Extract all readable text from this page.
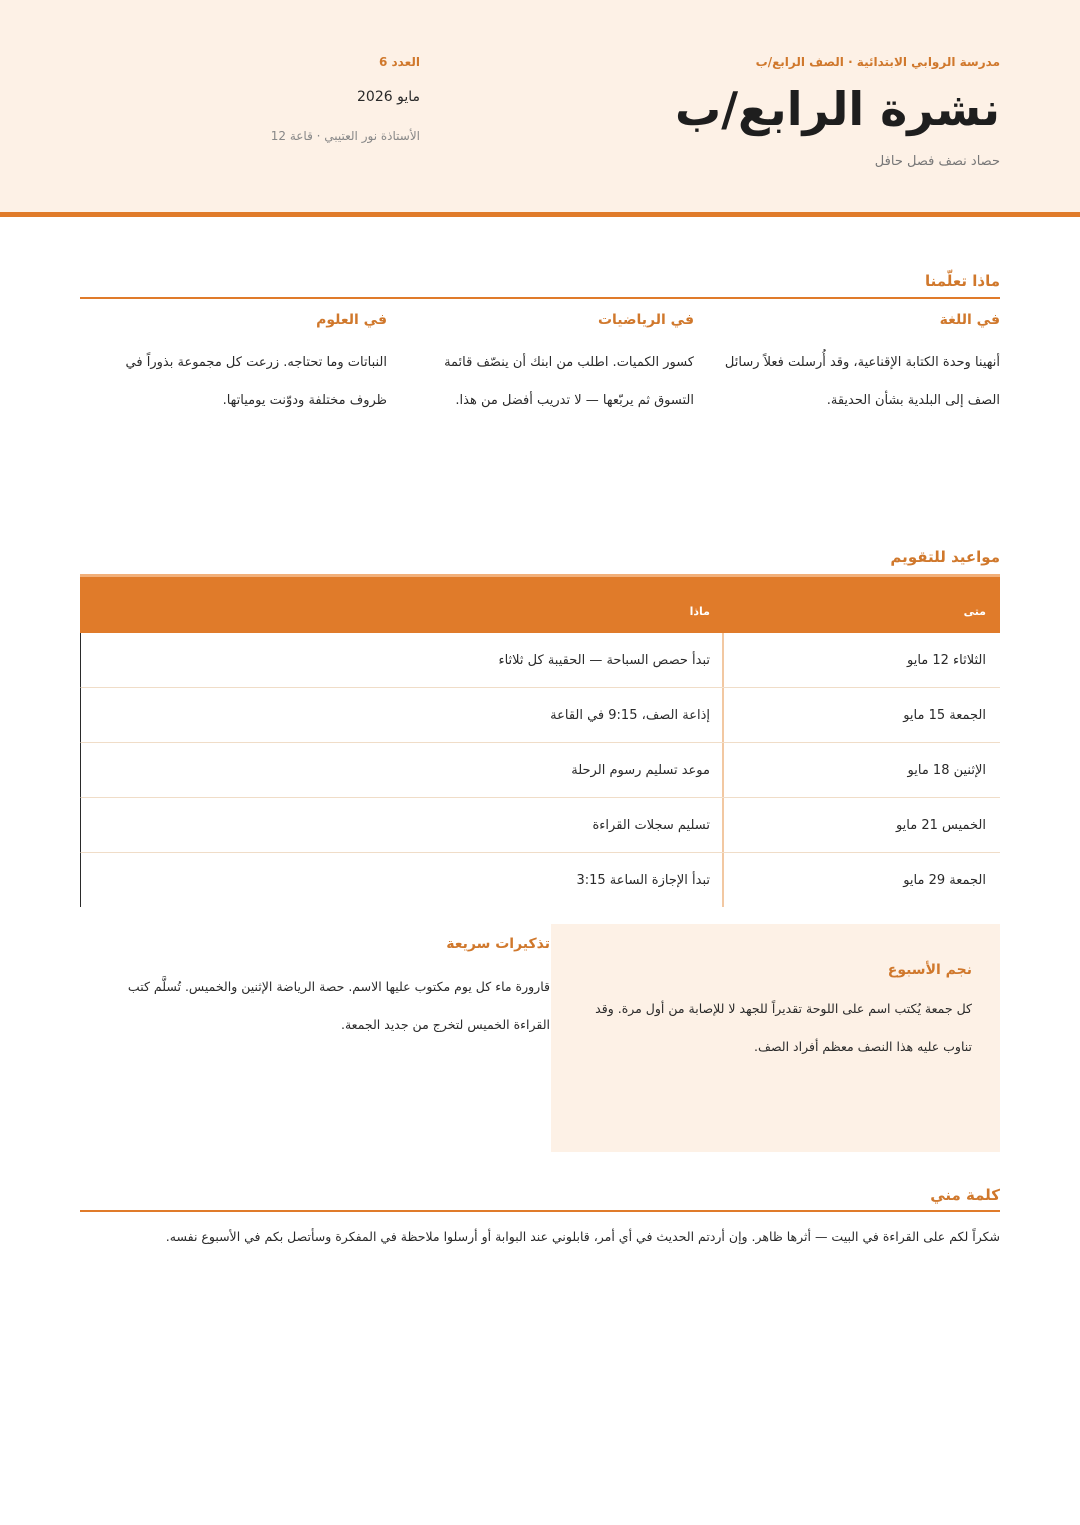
مدرسة الروابي الابتدائية · الصف الرابع/ب
نشرة الرابع/ب
حصاد نصف فصل حافل
العدد 6
مايو 2026
الأستاذة نور العتيبي · قاعة 12
ماذا تعلّمنا
في اللغة

أنهينا وحدة الكتابة الإقناعية، وقد أُرسلت فعلاً رسائل الصف إلى البلدية بشأن الحديقة.

في الرياضيات

كسور الكميات. اطلب من ابنك أن ينصّف قائمة التسوق ثم يربّعها — لا تدريب أفضل من هذا.

في العلوم

النباتات وما تحتاجه. زرعت كل مجموعة بذوراً في ظروف مختلفة ودوّنت يومياتها.

مواعيد للتقويم
متى
ماذا
الثلاثاء 12 مايو
تبدأ حصص السباحة — الحقيبة كل ثلاثاء
الجمعة 15 مايو
إذاعة الصف، 9:15 في القاعة
الإثنين 18 مايو
موعد تسليم رسوم الرحلة
الخميس 21 مايو
تسليم سجلات القراءة
الجمعة 29 مايو
تبدأ الإجازة الساعة 3:15
نجم الأسبوع

كل جمعة يُكتب اسم على اللوحة تقديراً للجهد لا للإصابة من أول مرة. وقد تناوب عليه هذا النصف معظم أفراد الصف.

تذكيرات سريعة

قارورة ماء كل يوم مكتوب عليها الاسم. حصة الرياضة الإثنين والخميس. تُسلَّم كتب القراءة الخميس لتخرج من جديد الجمعة.

كلمة مني
شكراً لكم على القراءة في البيت — أثرها ظاهر. وإن أردتم الحديث في أي أمر، قابلوني عند البوابة أو أرسلوا ملاحظة في المفكرة وسأتصل بكم في الأسبوع نفسه.
